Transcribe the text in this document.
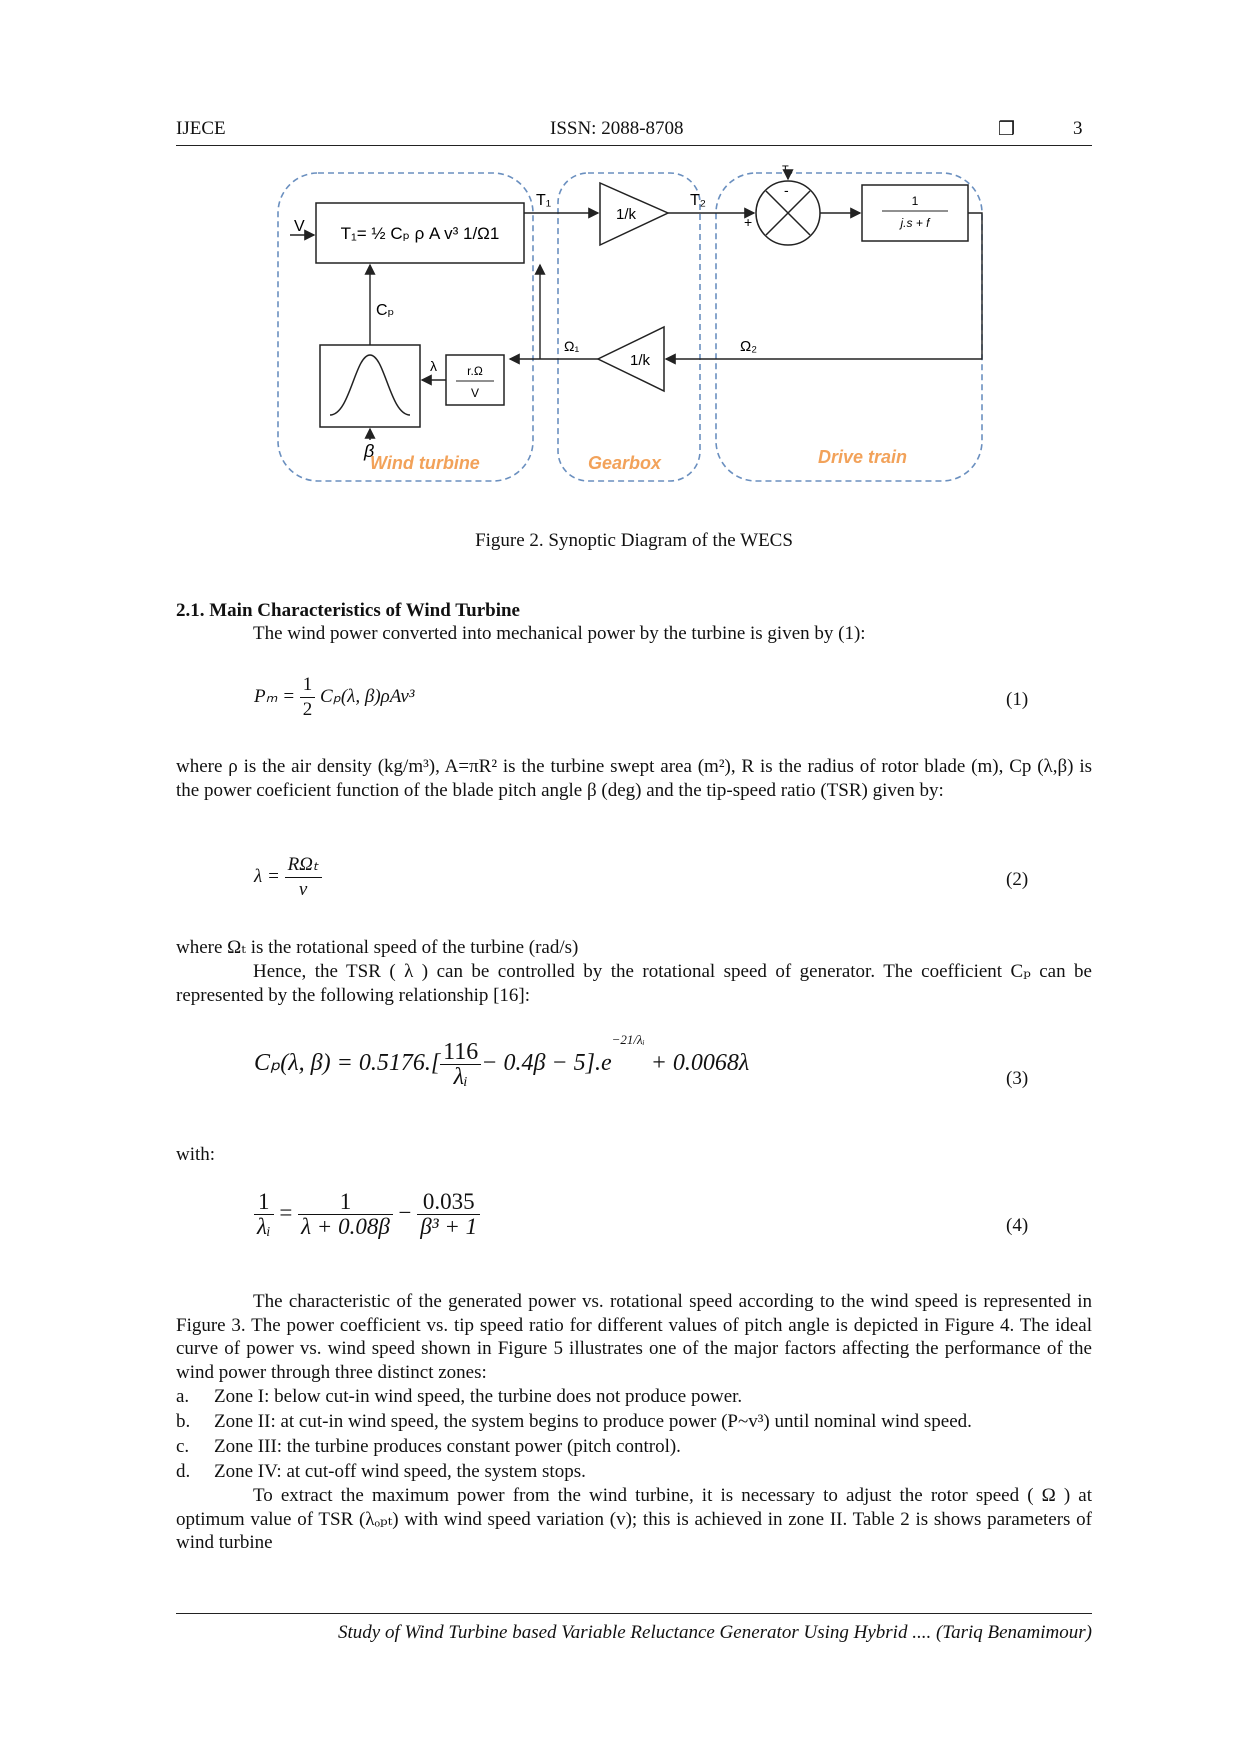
IJECE	ISSN: 2088-8708	❒	3
T₁= ½ Cₚ ρ A v³ 1/Ω1
V
Cₚ
β
r.Ω
V
λ
Ω₁
T₁
1/k
T₂
+
-
Tₑ
1
j.s + f
Ω₂
1/k
Wind turbine	Gearbox	Drive train
Figure 2. Synoptic Diagram of the WECS
2.1. Main Characteristics of Wind Turbine
The wind power converted into mechanical power by the turbine is given by (1):
$P_m = \frac{1}{2} C_p(\lambda$, β)ρAv³	(1)
where ρ is the air density (kg/m³), A=πR² is the turbine swept area (m²), R is the radius of rotor blade (m), Cp (λ,β) is the power coeficient function of the blade pitch angle β (deg) and the tip-speed ratio (TSR) given by:
$\lambda = \frac{\text{RΩₜ}}{v}$	(2)
where Ωₜ is the rotational speed of the turbine (rad/s)
Hence, the TSR ( λ ) can be controlled by the rotational speed of generator. The coefficient Cₚ can be represented by the following relationship [16]:
Cₚ(λ, $\beta) = 0.5176.[ \frac{116}{\text{λᵢ}} - 0.4\beta - 5].e^{-21/\lambda ᵢ} + 0.0068\lambda$
(3)
with:
$\frac{1}{\text{λᵢ}} = \frac{1}{\lambda + 0.08\beta} - \frac{0.035}{\text{β³ + 1}}$	(4)
The characteristic of the generated power vs. rotational speed according to the wind speed is represented in Figure 3. The power coefficient vs. tip speed ratio for different values of pitch angle is depicted in Figure 4. The ideal curve of power vs. wind speed shown in Figure 5 illustrates one of the major factors affecting the performance of the wind power through three distinct zones:
a. Zone I: below cut-in wind speed, the turbine does not produce power.
b. Zone II: at cut-in wind speed, the system begins to produce power (P~v³) until nominal wind speed.
c. Zone III: the turbine produces constant power (pitch control).
d. Zone IV: at cut-off wind speed, the system stops.
To extract the maximum power from the wind turbine, it is necessary to adjust the rotor speed ( Ω ) at optimum value of TSR (λₒₚₜ) with wind speed variation (v); this is achieved in zone II. Table 2 is shows parameters of wind turbine
Study of Wind Turbine based Variable Reluctance Generator Using Hybrid .... (Tariq Benamimour)
